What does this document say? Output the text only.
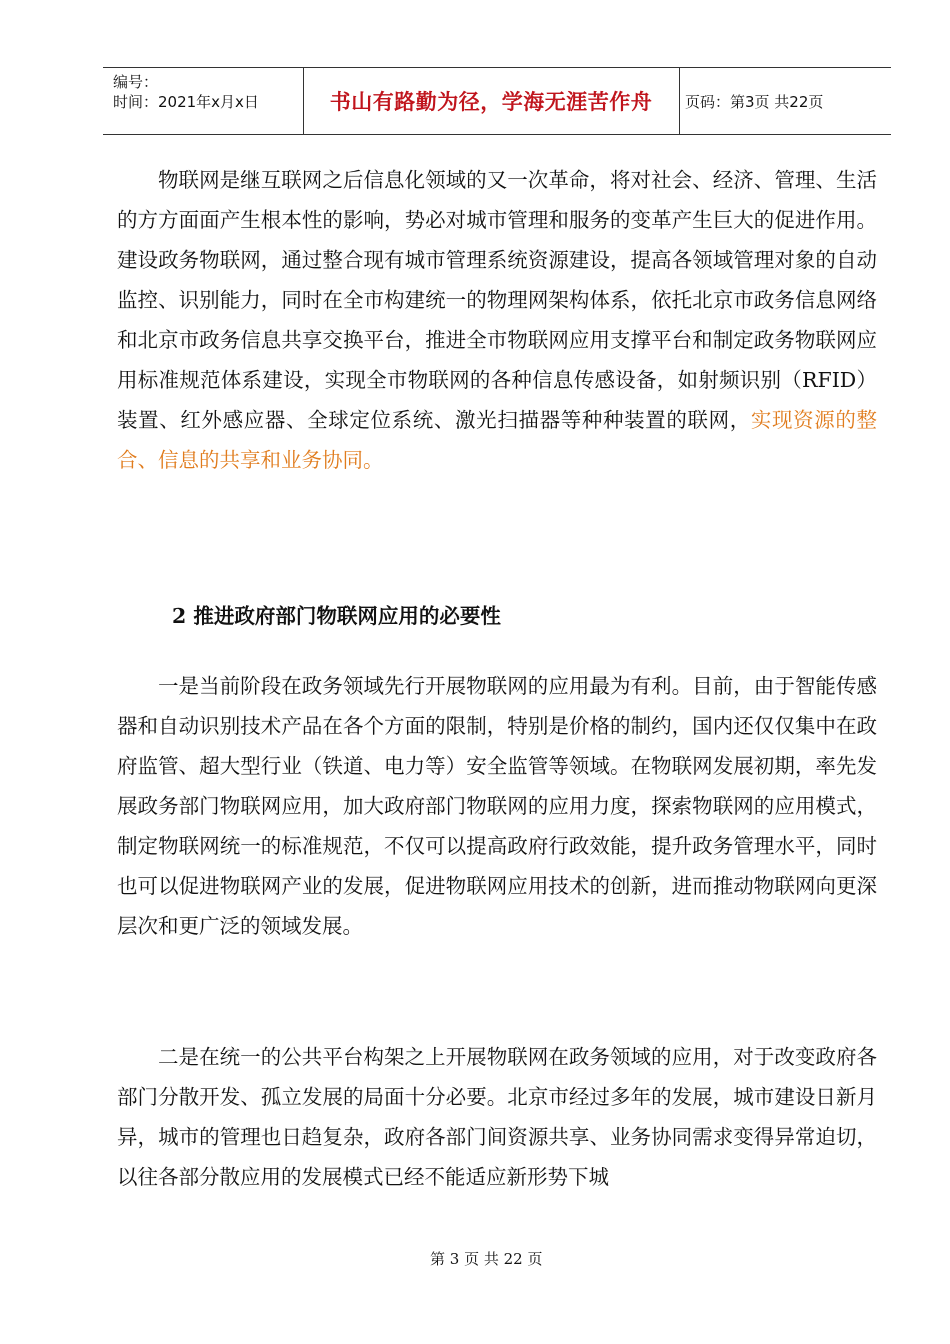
编号：
时间：2021年x月x日	书山有路勤为径，学海无涯苦作舟	页码：第3页 共22页

物联网是继互联网之后信息化领域的又一次革命，将对社会、经济、管理、生活的方方面面产生根本性的影响，势必对城市管理和服务的变革产生巨大的促进作用。建设政务物联网，通过整合现有城市管理系统资源建设，提高各领域管理对象的自动监控、识别能力，同时在全市构建统一的物理网架构体系，依托北京市政务信息网络和北京市政务信息共享交换平台，推进全市物联网应用支撑平台和制定政务物联网应用标准规范体系建设，实现全市物联网的各种信息传感设备，如射频识别（RFID）装置、红外感应器、全球定位系统、激光扫描器等种种装置的联网，实现资源的整合、信息的共享和业务协同。

2 推进政府部门物联网应用的必要性

一是当前阶段在政务领域先行开展物联网的应用最为有利。目前，由于智能传感器和自动识别技术产品在各个方面的限制，特别是价格的制约，国内还仅仅集中在政府监管、超大型行业（铁道、电力等）安全监管等领域。在物联网发展初期，率先发展政务部门物联网应用，加大政府部门物联网的应用力度，探索物联网的应用模式，制定物联网统一的标准规范，不仅可以提高政府行政效能，提升政务管理水平，同时也可以促进物联网产业的发展，促进物联网应用技术的创新，进而推动物联网向更深层次和更广泛的领域发展。

二是在统一的公共平台构架之上开展物联网在政务领域的应用，对于改变政府各部门分散开发、孤立发展的局面十分必要。北京市经过多年的发展，城市建设日新月异，城市的管理也日趋复杂，政府各部门间资源共享、业务协同需求变得异常迫切，以往各部分散应用的发展模式已经不能适应新形势下城

第 3 页 共 22 页
